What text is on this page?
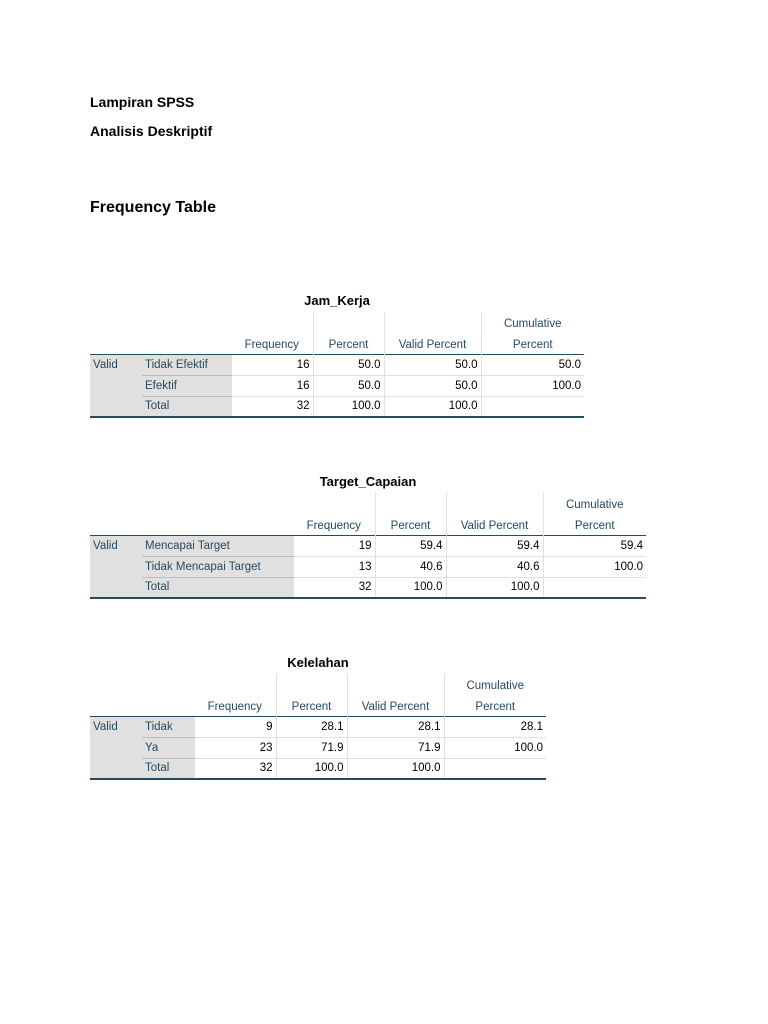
Lampiran SPSS
Analisis Deskriptif
Frequency Table
Jam_Kerja
					Cumulative
		Frequency	Percent	Valid Percent	Percent
Valid	Tidak Efektif	16	50.0	50.0	50.0
	Efektif	16	50.0	50.0	100.0
	Total	32	100.0	100.0	
Target_Capaian
					Cumulative
		Frequency	Percent	Valid Percent	Percent
Valid	Mencapai Target	19	59.4	59.4	59.4
	Tidak Mencapai Target	13	40.6	40.6	100.0
	Total	32	100.0	100.0	
Kelelahan
					Cumulative
		Frequency	Percent	Valid Percent	Percent
Valid	Tidak	9	28.1	28.1	28.1
	Ya	23	71.9	71.9	100.0
	Total	32	100.0	100.0	
